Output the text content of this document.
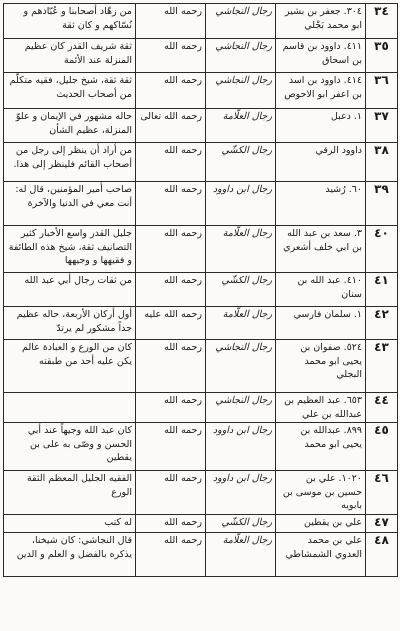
٣٤	٣٠٤. جعفر بن بشير ابو محمد بَجْلي	رجال النجاشي	رحمه الله	من زهّاد أصحابنا و عُبّادهم و نُسّاكهم و كان ثقة
٣٥	٤١١. داوود بن قاسم بن اسحاق	رجال النجاشي	رحمه الله	ثقة شريف القدر كان عظيم المنزلة عند الأئمة
٣٦	٤١٤. داوود بن اسد بن اعفر ابو الاحوص	رجال النجاشي	رحمه الله	ثقة ثقة، شيخ جليل، فقيه متكلّم من أصحاب الحديث
٣٧	١. دعبل	رجال العلّامة	رحمه الله تعالى	حاله مشهور في الإيمان و علوّ المنزلة، عظيم الشأن
٣٨	داوود الرقي	رجال الكشّي	رحمه الله	من أراد أن ينظر إلى رجل من أصحاب القائم فلينظر إلى هذا.
٣٩	٦٠. رُشيد	رجال ابن داوود	رحمه الله	صاحب أمير المؤمنين، قال له: أنت معي في الدنيا والآخرة
٤٠	٣. سعد بن عبد الله بن ابي خلف أشعري	رجال العلّامة	رحمه الله	جليل القدر واسع الأخبار كثير التصانيف ثقة، شيخ هذه الطائفة و فقيهها و وجيهها
٤١	٤١٠. عبد الله بن سنان	رجال الكشّي	رحمه الله	من ثقات رجال أبي عبد الله
٤٢	١. سلمان فارسي	رجال العلّامة	رحمه الله عليه	أول أركان الأربعة، حاله عظيم جداً مشكور لم يرتدّ
٤٣	٥٢٤. صفوان بن يحيى ابو محمد البجلي	رجال النجاشي	رحمه الله	كان من الورع و العبادة عالم يكن عليه أحد من طبقته
٤٤	٦٥٣. عبد العظيم بن عبدالله بن علي	رجال النجاشي	رحمه الله	
٤٥	٨٩٩. عبدالله بن يحيى ابو محمد	رجال ابن داوود	رحمه الله	كان عبد الله وجيهاً عند أبي الحسن و وصّى به على بن يقطين
٤٦	١٠٢٠. علي بن حسين بن موسى بن بابويه	رجال ابن داوود	رحمه الله	الفقيه الجليل المعظم الثقة الورع
٤٧	علي بن يقطين	رجال الكشّي	رحمه الله	له كتب
٤٨	علي بن محمد العدوي الشمشاطي	رجال العلّامة	رحمه الله	قال النجاشي: كان شيخنا، يذكره بالفضل و العلم و الدين
